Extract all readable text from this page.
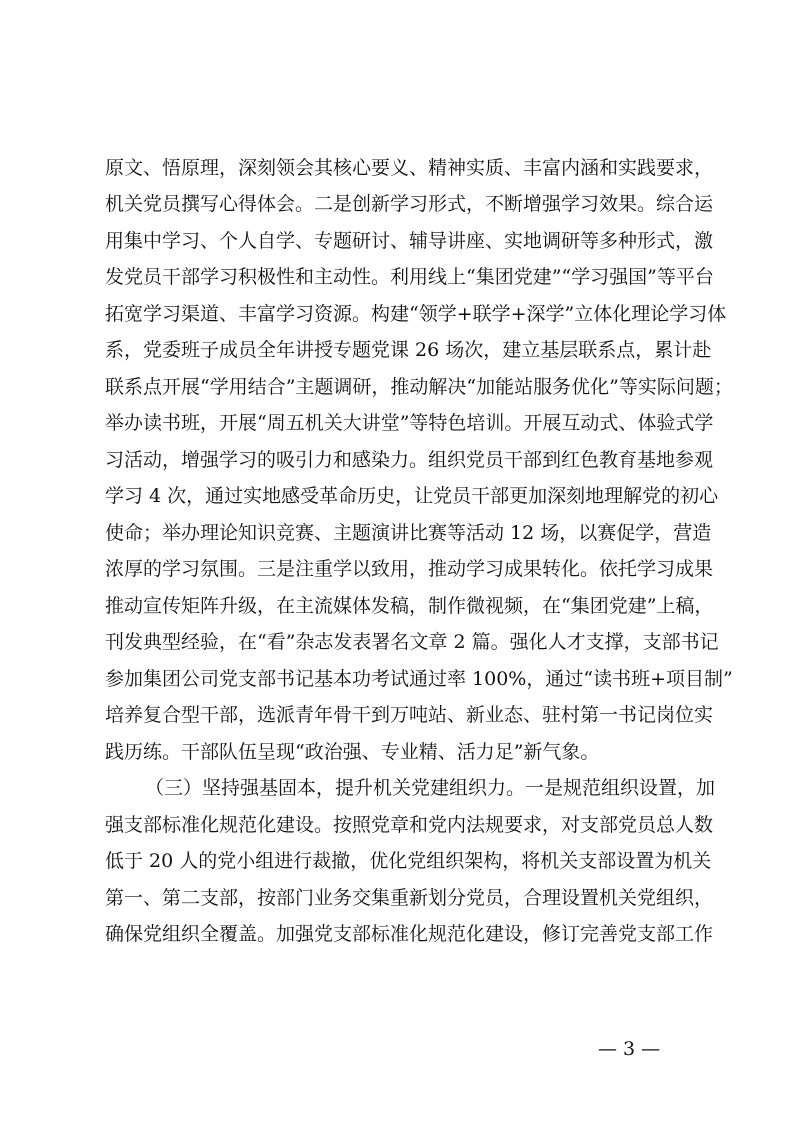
原文、悟原理，深刻领会其核心要义、精神实质、丰富内涵和实践要求，
机关党员撰写心得体会。二是创新学习形式，不断增强学习效果。综合运
用集中学习、个人自学、专题研讨、辅导讲座、实地调研等多种形式，激
发党员干部学习积极性和主动性。利用线上“集团党建”“学习强国”等平台
拓宽学习渠道、丰富学习资源。构建“领学+联学+深学”立体化理论学习体
系，党委班子成员全年讲授专题党课 26 场次，建立基层联系点，累计赴
联系点开展“学用结合”主题调研，推动解决“加能站服务优化”等实际问题；
举办读书班，开展“周五机关大讲堂”等特色培训。开展互动式、体验式学
习活动，增强学习的吸引力和感染力。组织党员干部到红色教育基地参观
学习 4 次，通过实地感受革命历史，让党员干部更加深刻地理解党的初心
使命；举办理论知识竞赛、主题演讲比赛等活动 12 场，以赛促学，营造
浓厚的学习氛围。三是注重学以致用，推动学习成果转化。依托学习成果
推动宣传矩阵升级，在主流媒体发稿，制作微视频，在“集团党建”上稿，
刊发典型经验，在“看”杂志发表署名文章 2 篇。强化人才支撑，支部书记
参加集团公司党支部书记基本功考试通过率 100%，通过“读书班+项目制”
培养复合型干部，选派青年骨干到万吨站、新业态、驻村第一书记岗位实
践历练。干部队伍呈现“政治强、专业精、活力足”新气象。
（三）坚持强基固本，提升机关党建组织力。一是规范组织设置，加
强支部标准化规范化建设。按照党章和党内法规要求，对支部党员总人数
低于 20 人的党小组进行裁撤，优化党组织架构，将机关支部设置为机关
第一、第二支部，按部门业务交集重新划分党员，合理设置机关党组织，
确保党组织全覆盖。加强党支部标准化规范化建设，修订完善党支部工作
— 3 —
